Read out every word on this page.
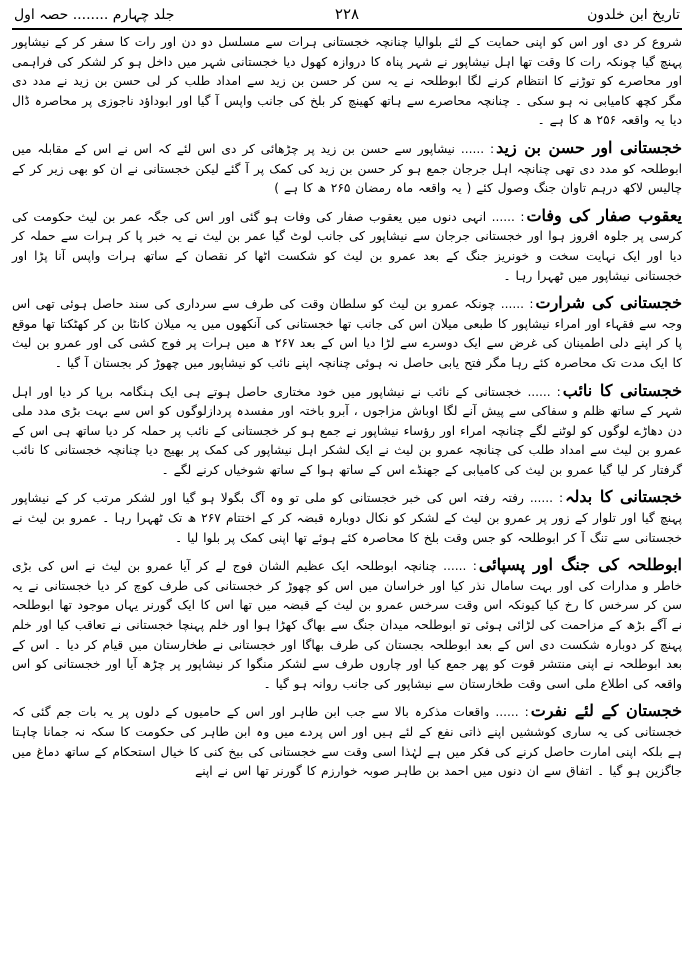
تاریخ ابن خلدون
۲۲۸
جلد چہارم ........ حصہ اول

شروع کر دی اور اس کو اپنی حمایت کے لئے بلوالیا چنانچہ خجستانی ہرات سے مسلسل دو دن اور رات کا سفر کر کے نیشاپور پہنچ گیا چونکہ رات کا وقت تھا اہل نیشاپور نے شہر پناہ کا دروازہ کھول دیا خجستانی شہر میں داخل ہو کر لشکر کی فراہمی اور محاصرے کو توڑنے کا انتظام کرنے لگا ابوطلحہ نے یہ سن کر حسن بن زید سے امداد طلب کر لی حسن بن زید نے مدد دی مگر کچھ کامیابی نہ ہو سکی ۔ چنانچہ محاصرے سے ہاتھ کھینچ کر بلخ کی جانب واپس آ گیا اور ابوداؤد ناجوزی پر محاصرہ ڈال دیا یہ واقعہ ۲۵۶ ھ کا ہے ۔

خجستانی اور حسن بن زید: ...... نیشاپور سے حسن بن زید پر چڑھائی کر دی اس لئے کہ اس نے اس کے مقابلہ میں ابوطلحہ کو مدد دی تھی چنانچہ اہل جرجان جمع ہو کر حسن بن زید کی کمک پر آ گئے لیکن خجستانی نے ان کو بھی زیر کر کے چالیس لاکھ درہم تاوان جنگ وصول کئے ( یہ واقعہ ماہ رمضان ۲۶۵ ھ کا ہے )

یعقوب صفار کی وفات: ...... انہی دنوں میں یعقوب صفار کی وفات ہو گئی اور اس کی جگہ عمر بن لیث حکومت کی کرسی پر جلوہ افروز ہوا اور خجستانی جرجان سے نیشاپور کی جانب لوٹ گیا عمر بن لیث نے یہ خبر پا کر ہرات سے حملہ کر دیا اور ایک نہایت سخت و خونریز جنگ کے بعد عمرو بن لیث کو شکست اٹھا کر نقصان کے ساتھ ہرات واپس آنا پڑا اور خجستانی نیشاپور میں ٹھہرا رہا ۔

خجستانی کی شرارت: ...... چونکہ عمرو بن لیث کو سلطان وقت کی طرف سے سرداری کی سند حاصل ہوئی تھی اس وجہ سے فقہاء اور امراء نیشاپور کا طبعی میلان اس کی جانب تھا خجستانی کی آنکھوں میں یہ میلان کانٹا بن کر کھٹکتا تھا موقع پا کر اپنے دلی اطمینان کی غرض سے ایک دوسرے سے لڑا دیا اس کے بعد ۲۶۷ ھ میں ہرات پر فوج کشی کی اور عمرو بن لیث کا ایک مدت تک محاصرہ کئے رہا مگر فتح یابی حاصل نہ ہوئی چنانچہ اپنے نائب کو نیشاپور میں چھوڑ کر بجستان آ گیا ۔

خجستانی کا نائب: ...... خجستانی کے نائب نے نیشاپور میں خود مختاری حاصل ہوتے ہی ایک ہنگامہ برپا کر دیا اور اہل شہر کے ساتھ ظلم و سفاکی سے پیش آنے لگا اوباش مزاجوں ، آبرو باختہ اور مفسدہ پردازلوگوں کو اس سے بہت بڑی مدد ملی دن دھاڑے لوگوں کو لوٹنے لگے چنانچہ امراء اور رؤساء نیشاپور نے جمع ہو کر خجستانی کے نائب پر حملہ کر دیا ساتھ ہی اس کے عمرو بن لیث سے امداد طلب کی چنانچہ عمرو بن لیث نے ایک لشکر اہل نیشاپور کی کمک پر بھیج دیا چنانچہ خجستانی کا نائب گرفتار کر لیا گیا عمرو بن لیث کی کامیابی کے جھنڈے اس کے ساتھ ہوا کے ساتھ شوخیاں کرنے لگے ۔

خجستانی کا بدلہ: ...... رفتہ رفتہ اس کی خبر خجستانی کو ملی تو وہ آگ بگولا ہو گیا اور لشکر مرتب کر کے نیشاپور پہنچ گیا اور تلوار کے زور پر عمرو بن لیث کے لشکر کو نکال دوبارہ قبضہ کر کے اختتام ۲۶۷ ھ تک ٹھہرا رہا ۔ عمرو بن لیث نے خجستانی سے تنگ آ کر ابوطلحہ کو جس وقت بلخ کا محاصرہ کئے ہوئے تھا اپنی کمک پر بلوا لیا ۔

ابوطلحہ کی جنگ اور پسپائی: ...... چنانچہ ابوطلحہ ایک عظیم الشان فوج لے کر آیا عمرو بن لیث نے اس کی بڑی خاطر و مدارات کی اور بہت سامال نذر کیا اور خراسان میں اس کو چھوڑ کر خجستانی کی طرف کوچ کر دیا خجستانی نے یہ سن کر سرخس کا رخ کیا کیونکہ اس وقت سرخس عمرو بن لیث کے قبضہ میں تھا اس کا ایک گورنر یہاں موجود تھا ابوطلحہ نے آگے بڑھ کے مزاحمت کی لڑائی ہوئی تو ابوطلحہ میدان جنگ سے بھاگ کھڑا ہوا اور خلم پہنچا خجستانی نے تعاقب کیا اور خلم پہنچ کر دوبارہ شکست دی اس کے بعد ابوطلحہ بجستان کی طرف بھاگا اور خجستانی نے طخارستان میں قیام کر دیا ۔ اس کے بعد ابوطلحہ نے اپنی منتشر قوت کو پھر جمع کیا اور چاروں طرف سے لشکر منگوا کر نیشاپور پر چڑھ آیا اور خجستانی کو اس واقعہ کی اطلاع ملی اسی وقت طخارستان سے نیشاپور کی جانب روانہ ہو گیا ۔

خجستان کے لئے نفرت: ...... واقعات مذکرہ بالا سے جب ابن طاہر اور اس کے حامیوں کے دلوں پر یہ بات جم گئی کہ خجستانی کی یہ ساری کوششیں اپنے ذاتی نفع کے لئے ہیں اور اس پردے میں وہ ابن طاہر کی حکومت کا سکہ نہ جمانا چاہتا ہے بلکہ اپنی امارت حاصل کرنے کی فکر میں ہے لہٰذا اسی وقت سے خجستانی کی بیخ کنی کا خیال استحکام کے ساتھ دماغ میں جاگزین ہو گیا ۔ اتفاق سے ان دنوں میں احمد بن طاہر صوبہ خوارزم کا گورنر تھا اس نے اپنے
